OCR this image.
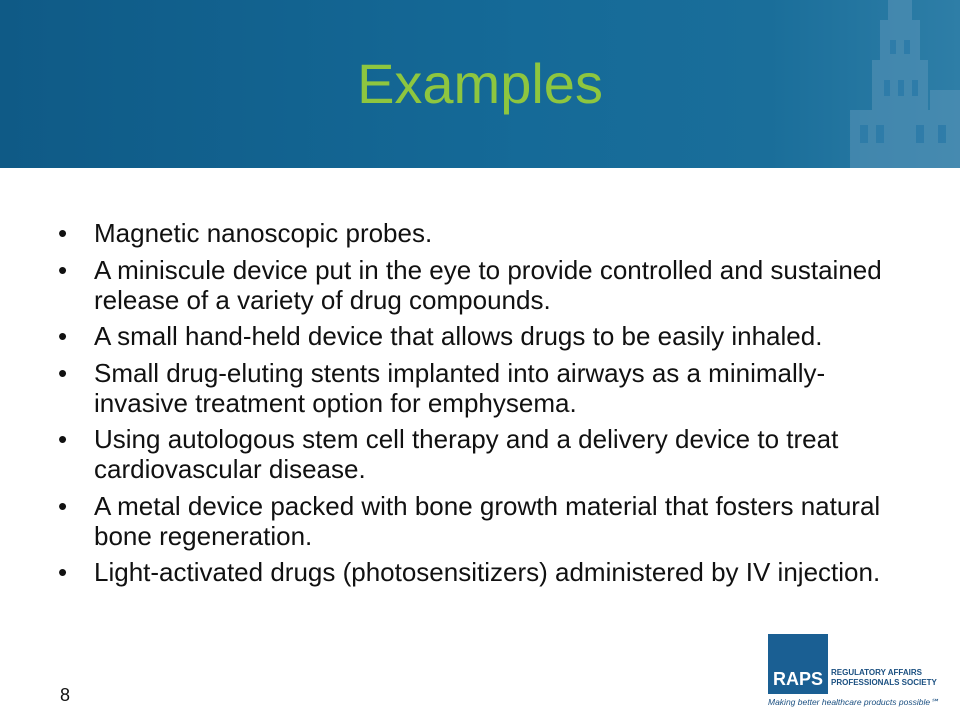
Examples
•	Magnetic nanoscopic probes.
•	A miniscule device put in the eye to provide controlled and sustained release of a variety of drug compounds.
•	A small hand-held device that allows drugs to be easily inhaled.
•	Small drug-eluting stents implanted into airways as a minimally-invasive treatment option for emphysema.
•	Using autologous stem cell therapy and a delivery device to treat cardiovascular disease.
•	A metal device packed with bone growth material that fosters natural bone regeneration.
•	Light-activated drugs (photosensitizers) administered by IV injection.
8
RAPS	REGULATORY AFFAIRS
PROFESSIONALS SOCIETY
Making better healthcare products possible℠
